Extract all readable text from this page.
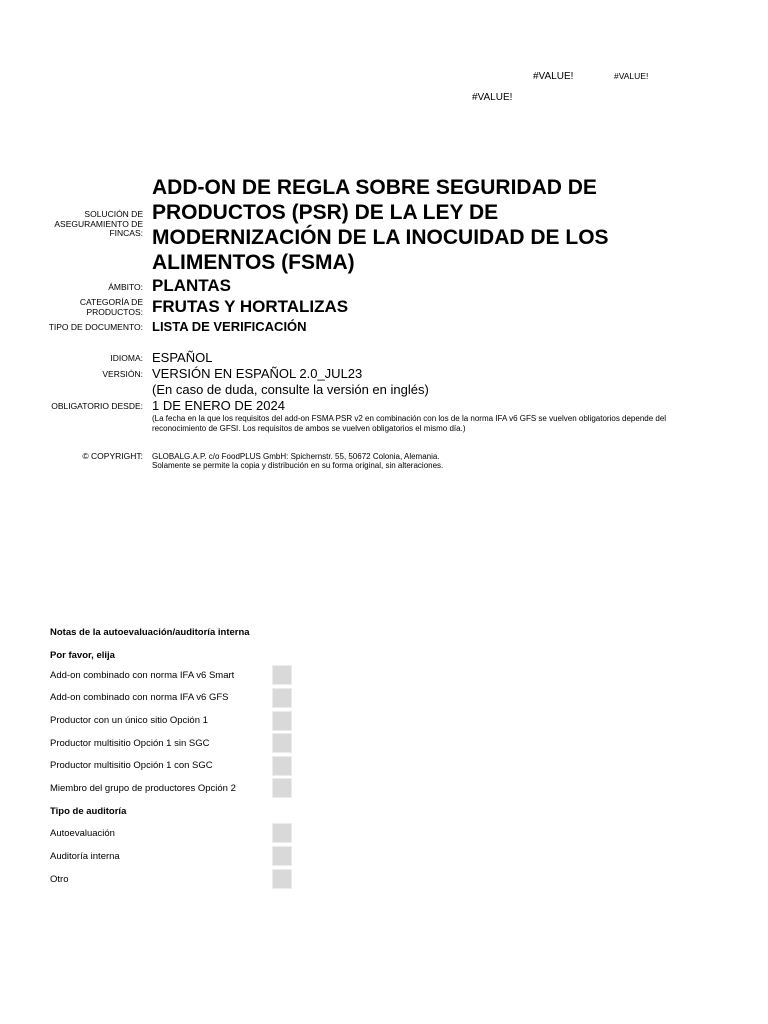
#VALUE!	#VALUE!
#VALUE!
SOLUCIÓN DE ASEGURAMIENTO DE FINCAS:
ADD-ON DE REGLA SOBRE SEGURIDAD DE PRODUCTOS (PSR) DE LA LEY DE MODERNIZACIÓN DE LA INOCUIDAD DE LOS ALIMENTOS (FSMA)
ÁMBITO: PLANTAS
CATEGORÍA DE PRODUCTOS: FRUTAS Y HORTALIZAS
TIPO DE DOCUMENTO: LISTA DE VERIFICACIÓN
IDIOMA: ESPAÑOL
VERSIÓN: VERSIÓN EN ESPAÑOL 2.0_JUL23
(En caso de duda, consulte la versión en inglés)
OBLIGATORIO DESDE: 1 DE ENERO DE 2024
(La fecha en la que los requisitos del add-on FSMA PSR v2 en combinación con los de la norma IFA v6 GFS se vuelven obligatorios depende del reconocimiento de GFSI. Los requisitos de ambos se vuelven obligatorios el mismo día.)
© COPYRIGHT: GLOBALG.A.P. c/o FoodPLUS GmbH: Spichernstr. 55, 50672 Colonia, Alemania.
Solamente se permite la copia y distribución en su forma original, sin alteraciones.
Notas de la autoevaluación/auditoría interna
Por favor, elija
Add-on combinado con norma IFA v6 Smart
Add-on combinado con norma IFA v6 GFS
Productor con un único sitio Opción 1
Productor multisitio Opción 1 sin SGC
Productor multisitio Opción 1 con SGC
Miembro del grupo de productores Opción 2
Tipo de auditoría
Autoevaluación
Auditoría interna
Otro
